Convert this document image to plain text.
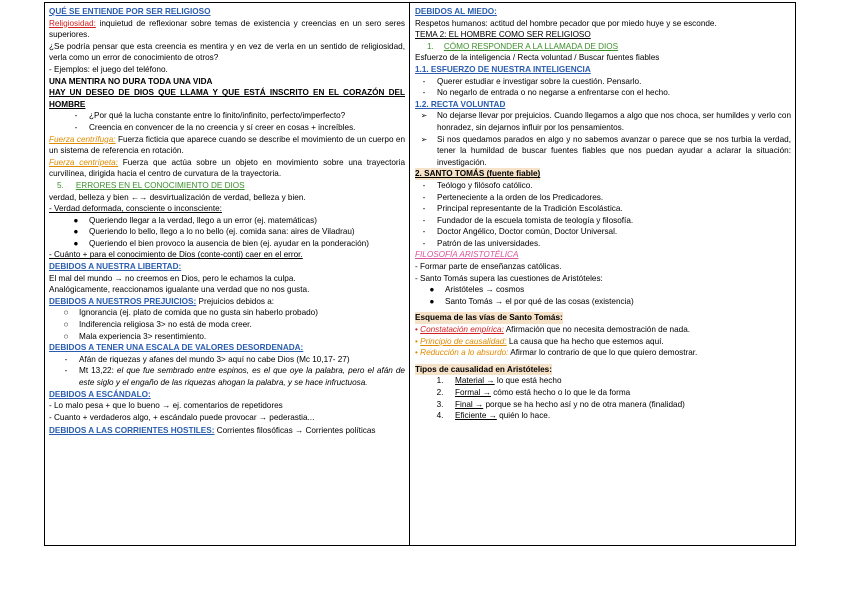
QUÉ SE ENTIENDE POR SER RELIGIOSO
Religiosidad: inquietud de reflexionar sobre temas de existencia y creencias en un sero seres superiores.
¿Se podría pensar que esta creencia es mentira y en vez de verla en un sentido de religiosidad, verla como un error de conocimiento de otros?
- Ejemplos: el juego del teléfono.
UNA MENTIRA NO DURA TODA UNA VIDA
HAY UN DESEO DE DIOS QUE LLAMA Y QUE ESTÁ INSCRITO EN EL CORAZÓN DEL HOMBRE
-	¿Por qué la lucha constante entre lo finito/infinito, perfecto/imperfecto?
-	Creencia en convencer de la no creencia y sí creer en cosas + increíbles.
Fuerza centrífuga: Fuerza ficticia que aparece cuando se describe el movimiento de un cuerpo en un sistema de referencia en rotación.
Fuerza centrípeta: Fuerza que actúa sobre un objeto en movimiento sobre una trayectoria curvilínea, dirigida hacia el centro de curvatura de la trayectoria.
5. ERRORES EN EL CONOCIMIENTO DE DIOS
verdad, belleza y bien ←→ desvirtualización de verdad, belleza y bien.
- Verdad deformada, consciente o inconsciente:
●	Queriendo llegar a la verdad, llego a un error (ej. matemáticas)
●	Queriendo lo bello, llego a lo no bello (ej. comida sana: aires de Viladrau)
●	Queriendo el bien provoco la ausencia de bien (ej. ayudar en la ponderación)
- Cuánto + para el conocimiento de Dios (conte-conti) caer en el error.
DEBIDOS A NUESTRA LIBERTAD:
El mal del mundo → no creemos en Dios, pero le echamos la culpa.
Analógicamente, reaccionamos igualante una verdad que no nos gusta.
DEBIDOS A NUESTROS PREJUICIOS: Prejuicios debidos a:
○	Ignorancia (ej. plato de comida que no gusta sin haberlo probado)
○	Indiferencia religiosa 3> no está de moda creer.
○	Mala experiencia 3> resentimiento.
DEBIDOS A TENER UNA ESCALA DE VALORES DESORDENADA:
-	Afán de riquezas y afanes del mundo 3> aquí no cabe Dios (Mc 10,17- 27)
-	Mt 13,22: el que fue sembrado entre espinos, es el que oye la palabra, pero el afán de este siglo y el engaño de las riquezas ahogan la palabra, y se hace infructuosa.
DEBIDOS A ESCÁNDALO:
- Lo malo pesa + que lo bueno → ej. comentarios de repetidores
- Cuanto + verdaderos algo, + escándalo puede provocar → pederastia...
DEBIDOS A LAS CORRIENTES HOSTILES: Corrientes filosóficas → Corrientes políticas
DEBIDOS AL MIEDO:
Respetos humanos: actitud del hombre pecador que por miedo huye y se esconde.
TEMA 2: EL HOMBRE COMO SER RELIGIOSO
1. CÓMO RESPONDER A LA LLAMADA DE DIOS
Esfuerzo de la inteligencia / Recta voluntad / Buscar fuentes fiables
1.1. ESFUERZO DE NUESTRA INTELIGENCIA
-	Querer estudiar e investigar sobre la cuestión. Pensarlo.
-	No negarlo de entrada o no negarse a enfrentarse con el hecho.
1.2. RECTA VOLUNTAD
➢	No dejarse llevar por prejuicios. Cuando llegamos a algo que nos choca, ser humildes y verlo con honradez, sin dejarnos influir por los pensamientos.
➢	Si nos quedamos parados en algo y no sabemos avanzar o parece que se nos turbia la verdad, tener la humildad de buscar fuentes fiables que nos puedan ayudar a aclarar la situación: investigación.
2. SANTO TOMÁS (fuente fiable)
-	Teólogo y filósofo católico.
-	Perteneciente a la orden de los Predicadores.
-	Principal representante de la Tradición Escolástica.
-	Fundador de la escuela tomista de teología y filosofía.
-	Doctor Angélico, Doctor común, Doctor Universal.
-	Patrón de las universidades.
FILOSOFÍA ARISTOTÉLICA
- Formar parte de enseñanzas católicas.
- Santo Tomás supera las cuestiones de Aristóteles:
●	Aristóteles → cosmos
●	Santo Tomás → el por qué de las cosas (existencia)
Esquema de las vías de Santo Tomás:
• Constatación empírica: Afirmación que no necesita demostración de nada.
• Principio de causalidad: La causa que ha hecho que estemos aquí.
• Reducción a lo absurdo: Afirmar lo contrario de que lo que quiero demostrar.
Tipos de causalidad en Aristóteles:
1.	Material → lo que está hecho
2.	Formal → cómo está hecho o lo que le da forma
3.	Final → porque se ha hecho así y no de otra manera (finalidad)
4.	Eficiente → quién lo hace.
